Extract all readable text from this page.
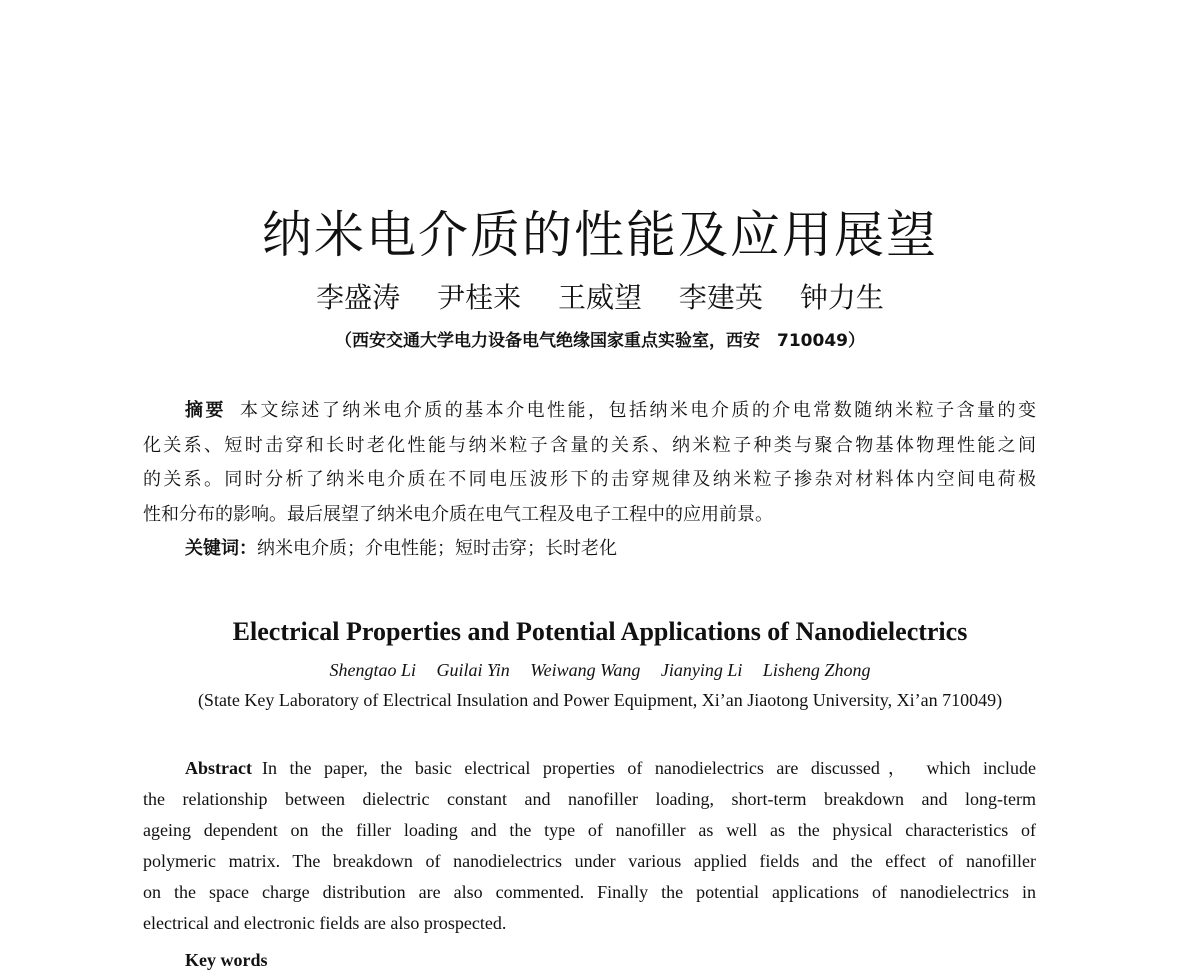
纳米电介质的性能及应用展望
李盛涛 尹桂来 王威望 李建英 钟力生
（西安交通大学电力设备电气绝缘国家重点实验室，西安　710049）
摘要 本文综述了纳米电介质的基本介电性能，包括纳米电介质的介电常数随纳米粒子含量的变
化关系、短时击穿和长时老化性能与纳米粒子含量的关系、纳米粒子种类与聚合物基体物理性能之间
的关系。同时分析了纳米电介质在不同电压波形下的击穿规律及纳米粒子掺杂对材料体内空间电荷极
性和分布的影响。最后展望了纳米电介质在电气工程及电子工程中的应用前景。
关键词：纳米电介质；介电性能；短时击穿；长时老化
Electrical Properties and Potential Applications of Nanodielectrics
Shengtao Li Guilai Yin Weiwang Wang Jianying Li Lisheng Zhong
(State Key Laboratory of Electrical Insulation and Power Equipment, Xi’an Jiaotong University, Xi’an 710049)
Abstract In the paper, the basic electrical properties of nanodielectrics are discussed， which include
the relationship between dielectric constant and nanofiller loading, short-term breakdown and long-term
ageing dependent on the filler loading and the type of nanofiller as well as the physical characteristics of
polymeric matrix. The breakdown of nanodielectrics under various applied fields and the effect of nanofiller
on the space charge distribution are also commented. Finally the potential applications of nanodielectrics in
electrical and electronic fields are also prospected.
Key words
